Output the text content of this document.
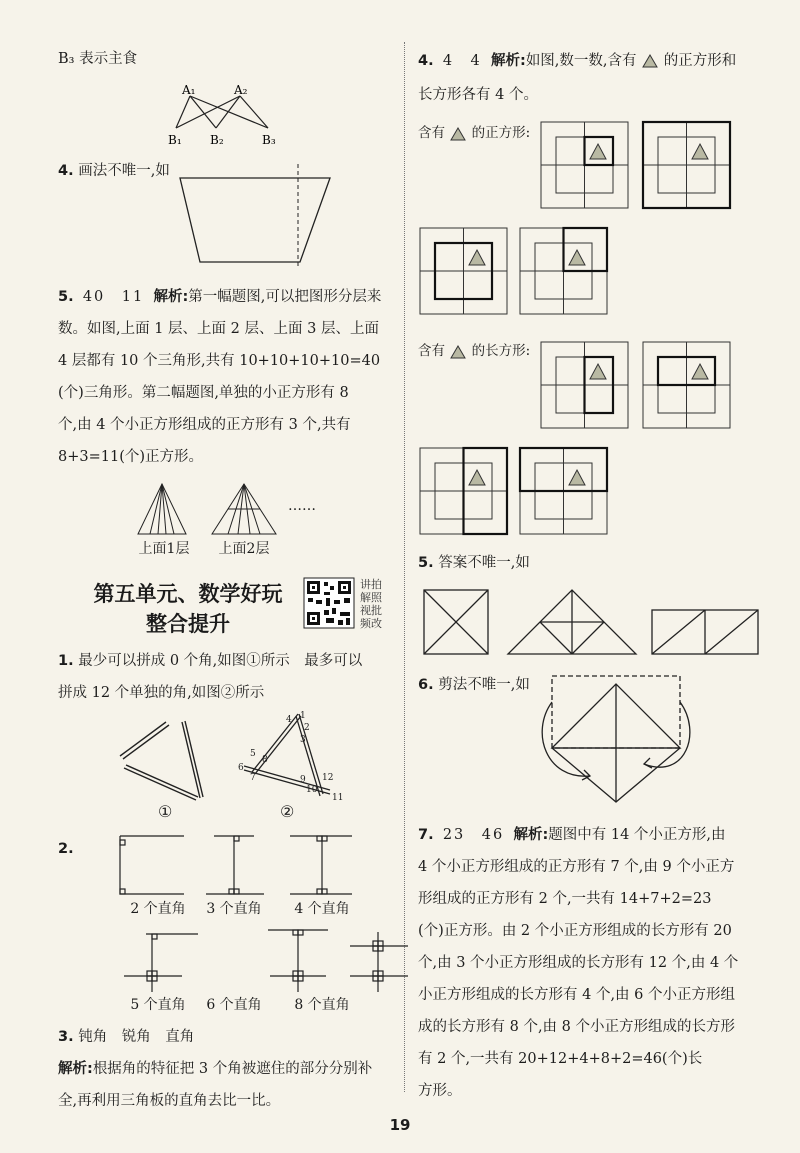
B₃ 表示主食

A₁	A₂
B₁ B₂	B₃

4. 画法不唯一,如

5. 40　11 解析:第一幅题图,可以把图形分层来

数。如图,上面 1 层、上面 2 层、上面 3 层、上面

4 层都有 10 个三角形,共有 10+10+10+10=40

(个)三角形。第二幅题图,单独的小正方形有 8

个,由 4 个小正方形组成的正方形有 3 个,共有

8+3=11(个)正方形。

……
上面1层	上面2层
第五单元、数学好玩
整合提升
讲拍解照视批频改

1. 最少可以拼成 0 个角,如图①所示　最多可以

拼成 12 个单独的角,如图②所示

①
1
2
3
4
5
6
7
8
9
10
11
12
②

2.

2 个直角	3 个直角	4 个直角
5 个直角	6 个直角	8 个直角

3. 钝角　锐角　直角

解析:根据角的特征把 3 个角被遮住的部分分别补

全,再利用三角板的直角去比一比。

4. 4　4 解析:如图,数一数,含有 的正方形和

长方形各有 4 个。

含有 的正方形:

含有 的长方形:

5. 答案不唯一,如

6. 剪法不唯一,如

7. 23　46 解析:题图中有 14 个小正方形,由

4 个小正方形组成的正方形有 7 个,由 9 个小正方

形组成的正方形有 2 个,一共有 14+7+2=23

(个)正方形。由 2 个小正方形组成的长方形有 20

个,由 3 个小正方形组成的长方形有 12 个,由 4 个

小正方形组成的长方形有 4 个,由 6 个小正方形组

成的长方形有 8 个,由 8 个小正方形组成的长方形

有 2 个,一共有 20+12+4+8+2=46(个)长

方形。

19
